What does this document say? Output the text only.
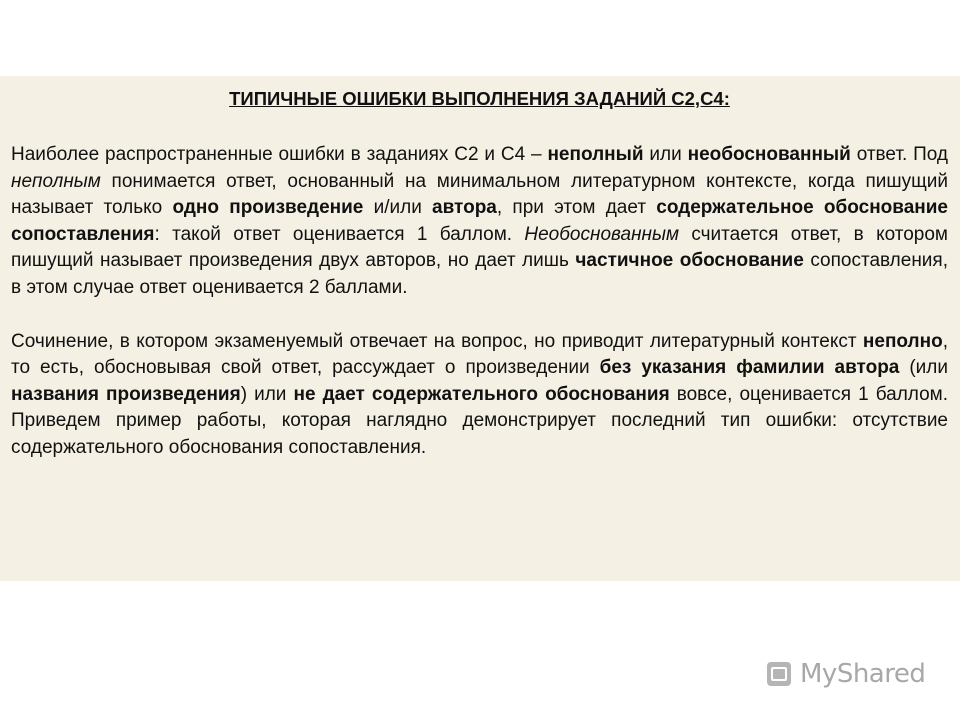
ТИПИЧНЫЕ ОШИБКИ ВЫПОЛНЕНИЯ ЗАДАНИЙ С2,С4:

Наиболее распространенные ошибки в заданиях С2 и С4 – неполный или необоснованный ответ. Под неполным понимается ответ, основанный на минимальном литературном контексте, когда пишущий называет только одно произведение и/или автора, при этом дает содержательное обоснование сопоставления: такой ответ оценивается 1 баллом. Необоснованным считается ответ, в котором пишущий называет произведения двух авторов, но дает лишь частичное обоснование сопоставления, в этом случае ответ оценивается 2 баллами.

Сочинение, в котором экзаменуемый отвечает на вопрос, но приводит литературный контекст неполно, то есть, обосновывая свой ответ, рассуждает о произведении без указания фамилии автора (или названия произведения) или не дает содержательного обоснования вовсе, оценивается 1 баллом. Приведем пример работы, которая наглядно демонстрирует последний тип ошибки: отсутствие содержательного обоснования сопоставления.

MyShared
